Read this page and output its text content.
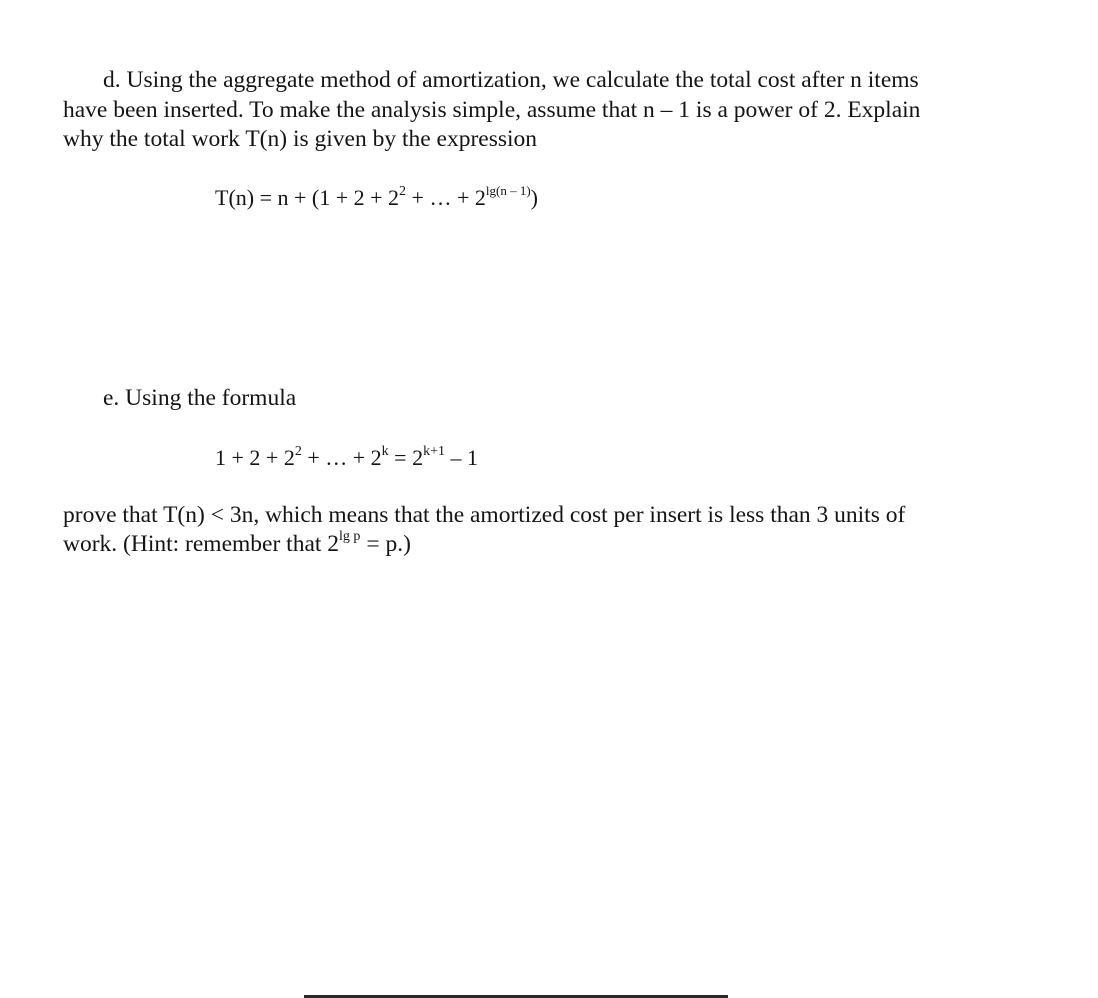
d. Using the aggregate method of amortization, we calculate the total cost after n items
have been inserted. To make the analysis simple, assume that n – 1 is a power of 2. Explain
why the total work T(n) is given by the expression
$T(n) = n + (1 + 2 + 2^2$ + … + $2^{lg(n - 1)}$)
e. Using the formula
$1 + 2 + 2^2$ + … + $2^k = 2^{k+1} - 1$
prove that T(n) < 3n, which means that the amortized cost per insert is less than 3 units of
work. (Hint: remember that $2^{lg p} = p$.)
